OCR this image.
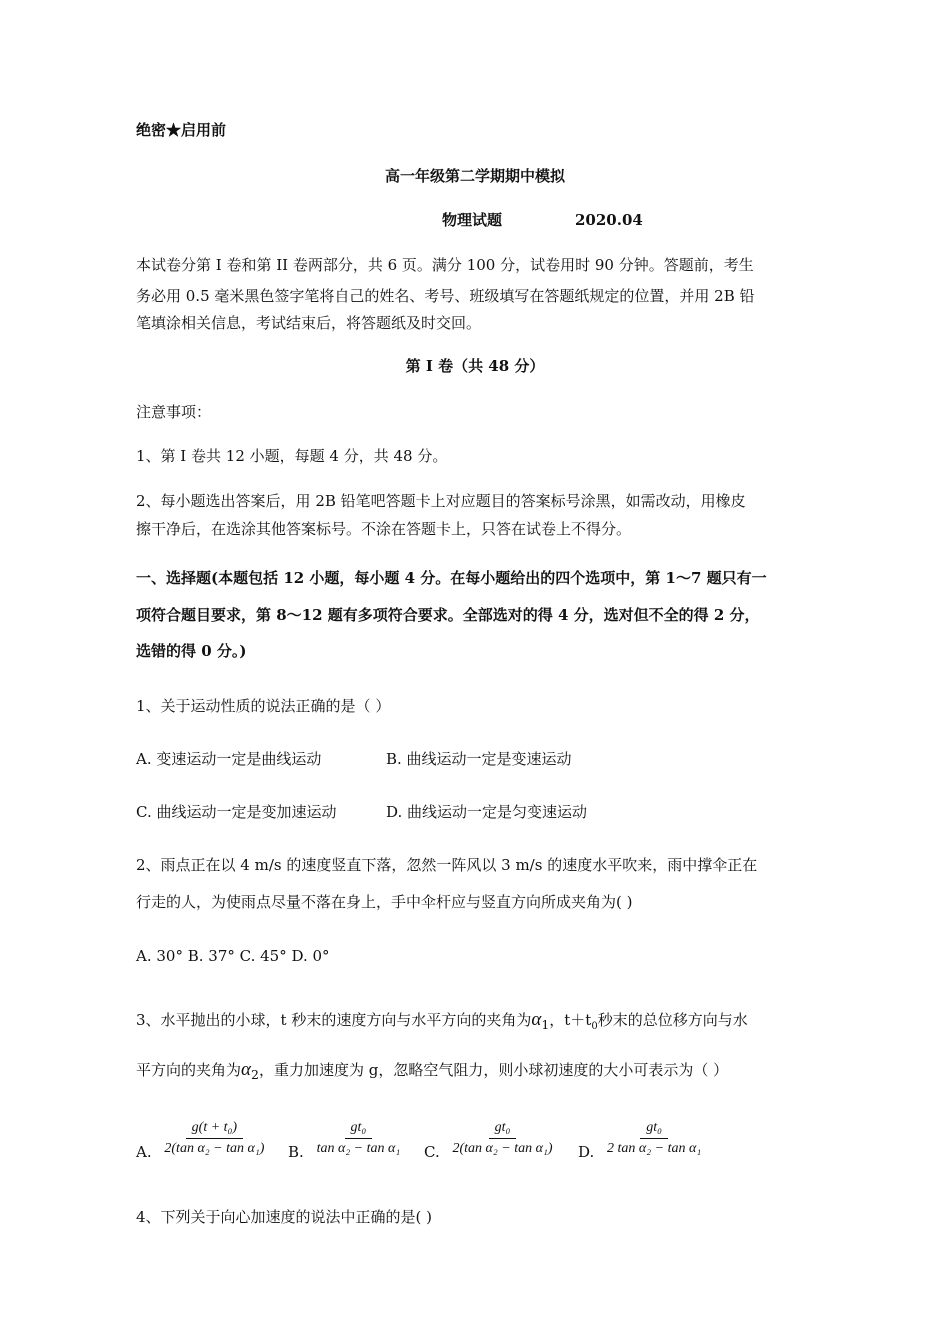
绝密★启用前
高一年级第二学期期中模拟
物理试题	2020.04
本试卷分第 I 卷和第 II 卷两部分，共 6 页。满分 100 分，试卷用时 90 分钟。答题前，考生
务必用 0.5 毫米黑色签字笔将自己的姓名、考号、班级填写在答题纸规定的位置，并用 2B 铅
笔填涂相关信息，考试结束后，将答题纸及时交回。
第 I 卷（共 48 分）
注意事项：
1、第 I 卷共 12 小题，每题 4 分，共 48 分。
2、每小题选出答案后，用 2B 铅笔吧答题卡上对应题目的答案标号涂黑，如需改动，用橡皮
擦干净后，在选涂其他答案标号。不涂在答题卡上，只答在试卷上不得分。
一、选择题(本题包括 12 小题，每小题 4 分。在每小题给出的四个选项中，第 1～7 题只有一
项符合题目要求，第 8～12 题有多项符合要求。全部选对的得 4 分，选对但不全的得 2 分，
选错的得 0 分。)
1、关于运动性质的说法正确的是（ ）
A. 变速运动一定是曲线运动	B. 曲线运动一定是变速运动
C. 曲线运动一定是变加速运动	D. 曲线运动一定是匀变速运动
2、雨点正在以 4 m/s 的速度竖直下落，忽然一阵风以 3 m/s 的速度水平吹来，雨中撑伞正在
行走的人，为使雨点尽量不落在身上，手中伞杆应与竖直方向所成夹角为( )
A. 30° B. 37° C. 45° D. 0°
3、水平抛出的小球，t 秒末的速度方向与水平方向的夹角为$\alpha_1$，$t+t_0$秒末的总位移方向与水
平方向的夹角为$\alpha_2$，重力加速度为 g，忽略空气阻力，则小球初速度的大小可表示为（ ）
A. $\frac{\text{g(t + t₀)}}{\text{2(tan α₂ − tan α₁)}} B$. $\frac{\text{gt₀}}{\text{tan α₂ − tan α₁}} C$. $\frac{\text{gt₀}}{\text{2(tan α₂ − tan α₁)}} D$. $\frac{\text{gt₀}}{\text{2 tan α₂ − tan α₁}}$
4、下列关于向心加速度的说法中正确的是( )
